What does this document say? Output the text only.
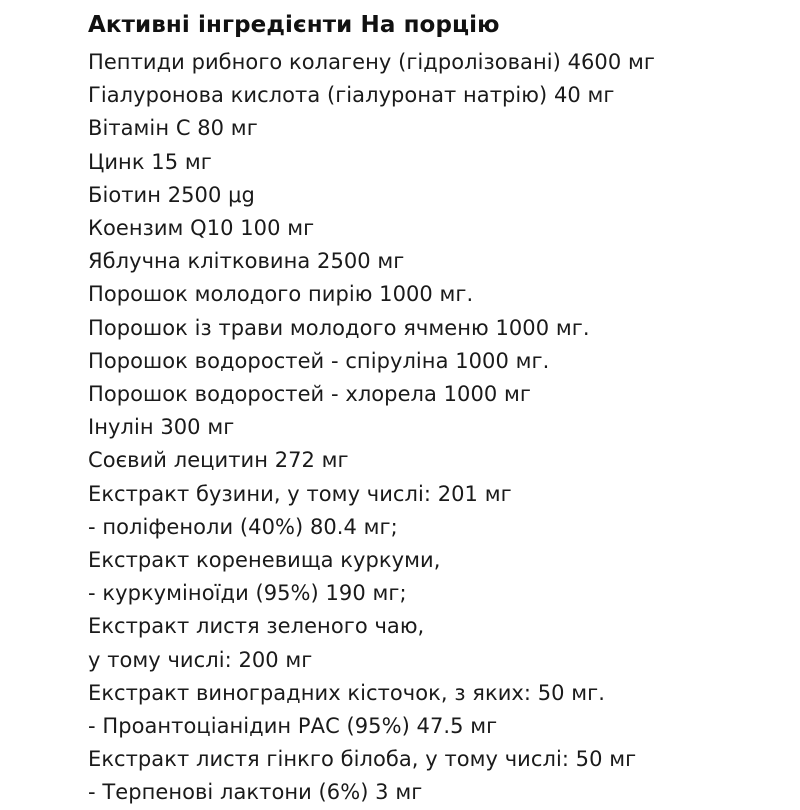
Активні інгредієнти На порцію
Пептиди рибного колагену (гідролізовані) 4600 мг
Гіалуронова кислота (гіалуронат натрію) 40 мг
Вітамін C 80 мг
Цинк 15 мг
Біотин 2500 μg
Коензим Q10 100 мг
Яблучна клітковина 2500 мг
Порошок молодого пирію 1000 мг.
Порошок із трави молодого ячменю 1000 мг.
Порошок водоростей - спіруліна 1000 мг.
Порошок водоростей - хлорела 1000 мг
Інулін 300 мг
Соєвий лецитин 272 мг
Екстракт бузини, у тому числі: 201 мг
- поліфеноли (40%) 80.4 мг;
Екстракт кореневища куркуми,
- куркуміноїди (95%) 190 мг;
Екстракт листя зеленого чаю,
у тому числі: 200 мг
Екстракт виноградних кісточок, з яких: 50 мг.
- Проантоціанідин РАС (95%) 47.5 мг
Екстракт листя гінкго білоба, у тому числі: 50 мг
- Терпенові лактони (6%) 3 мг
